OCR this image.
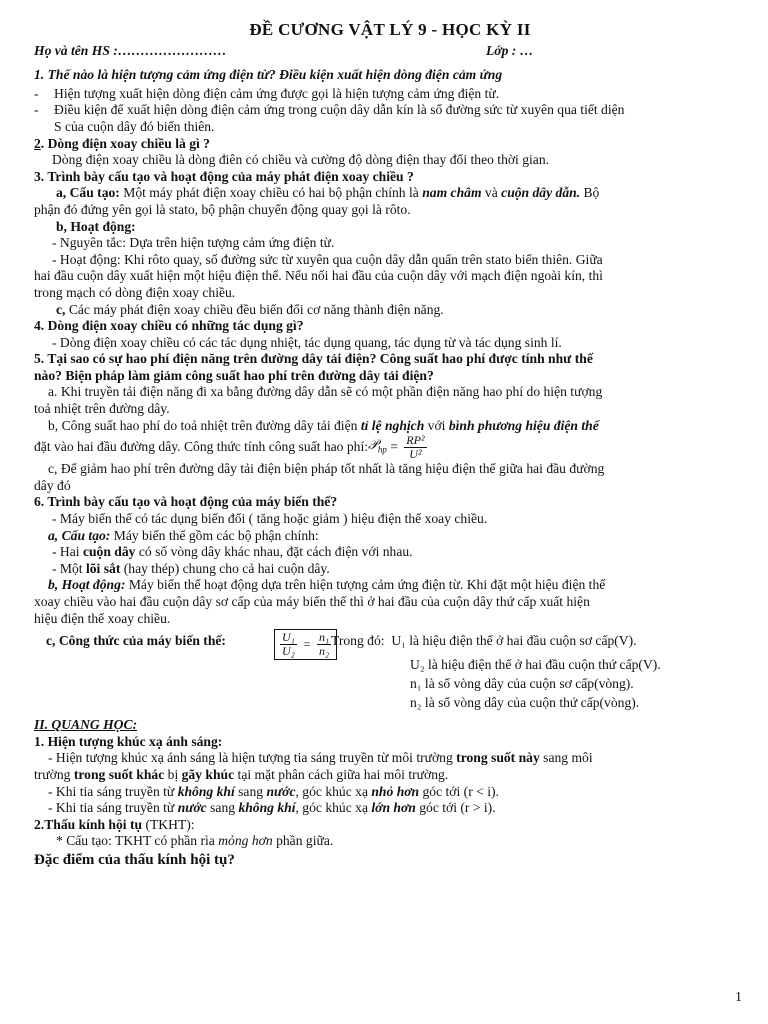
ĐỀ CƯƠNG VẬT LÝ 9 - HỌC KỲ II
Họ và tên HS :……………………	Lớp : …

1. Thế nào là hiện tượng cảm ứng điện từ? Điều kiện xuất hiện dòng điện cảm ứng

-	Hiện tượng xuất hiện dòng điện cảm ứng được gọi là hiện tượng cảm ứng điện từ.
-	Điều kiện để xuất hiện dòng điện cảm ứng trong cuộn dây dẫn kín là số đường sức từ xuyên qua tiết diện

S của cuộn dây đó biến thiên.

2. Dòng điện xoay chiều là gì ?

Dòng điện xoay chiều là dòng điên có chiều và cường độ dòng điện thay đổi theo thời gian.

3. Trình bày cấu tạo và hoạt động của máy phát điện xoay chiều ?

a, Cấu tạo: Một máy phát điện xoay chiều có hai bộ phận chính là nam châm và cuộn dây dẫn. Bộ

phận đó đứng yên gọi là stato, bộ phận chuyển động quay gọi là rôto.

b, Hoạt động:

- Nguyên tắc: Dựa trên hiện tượng cảm ứng điện từ.

- Hoạt động: Khi rôto quay, số đường sức từ xuyên qua cuộn dây dẫn quấn trên stato biến thiên. Giữa

hai đầu cuộn dây xuất hiện một hiệu điện thế. Nếu nối hai đầu của cuộn dây với mạch điện ngoài kín, thì

trong mạch có dòng điện xoay chiều.

c, Các máy phát điện xoay chiều đều biến đổi cơ năng thành điện năng.

4. Dòng điện xoay chiều có những tác dụng gì?

- Dòng điện xoay chiều có các tác dụng nhiệt, tác dụng quang, tác dụng từ và tác dụng sinh lí.

5. Tại sao có sự hao phí điện năng trên đường dây tải điện? Công suất hao phí được tính như thế

nào? Biện pháp làm giảm công suất hao phí trên đường dây tải điện?

a. Khi truyền tải điện năng đi xa bằng đường dây dẫn sẽ có một phần điện năng hao phí do hiện tượng

toả nhiệt trên đường dây.

b, Công suất hao phí do toả nhiệt trên đường dây tải điện tỉ lệ nghịch với bình phương hiệu điện thế

đặt vào hai đầu đường dây. Công thức tính công suất hao phí: 𝒫$_{hp}$ = $\frac{\text{RP²}}{\text{U²}}$

c, Để giảm hao phí trên đường dây tải điện biện pháp tốt nhất là tăng hiệu điện thế giữa hai đầu đường

dây đó

6. Trình bày cấu tạo và hoạt động của máy biến thế?

- Máy biến thế có tác dụng biến đổi ( tăng hoặc giảm ) hiệu điện thế xoay chiều.

a, Cấu tạo: Máy biến thế gồm các bộ phận chính:

- Hai cuộn dây có số vòng dây khác nhau, đặt cách điện với nhau.

- Một lõi sắt (hay thép) chung cho cả hai cuộn dây.

b, Hoạt động: Máy biến thế hoạt động dựa trên hiện tượng cảm ứng điện từ. Khi đặt một hiệu điện thế

xoay chiều vào hai đầu cuộn dây sơ cấp của máy biến thế thì ở hai đầu của cuộn dây thứ cấp xuất hiện

hiệu điện thế xoay chiều.

c, Công thức của máy biến thế:	$\frac{\text{U₁}}{\text{U₂}} = \frac{\text{n₁}}{\text{n₂}}$ Trong đó: U₁ là hiệu điện thế ở hai đầu cuộn sơ cấp(V).

U₂ là hiệu điện thế ở hai đầu cuộn thứ cấp(V).

n₁ là số vòng dây của cuộn sơ cấp(vòng).

n₂ là số vòng dây của cuộn thứ cấp(vòng).

II. QUANG HỌC:

1. Hiện tượng khúc xạ ánh sáng:

- Hiện tượng khúc xạ ánh sáng là hiện tượng tia sáng truyền từ môi trường trong suốt này sang môi

trường trong suốt khác bị gãy khúc tại mặt phân cách giữa hai môi trường.

- Khi tia sáng truyền từ không khí sang nước, góc khúc xạ nhỏ hơn góc tới (r < i).

- Khi tia sáng truyền từ nước sang không khí, góc khúc xạ lớn hơn góc tới (r > i).

2.Thấu kính hội tụ (TKHT):

* Cấu tạo: TKHT có phần rìa mỏng hơn phần giữa.

Đặc điểm của thấu kính hội tụ?

1
